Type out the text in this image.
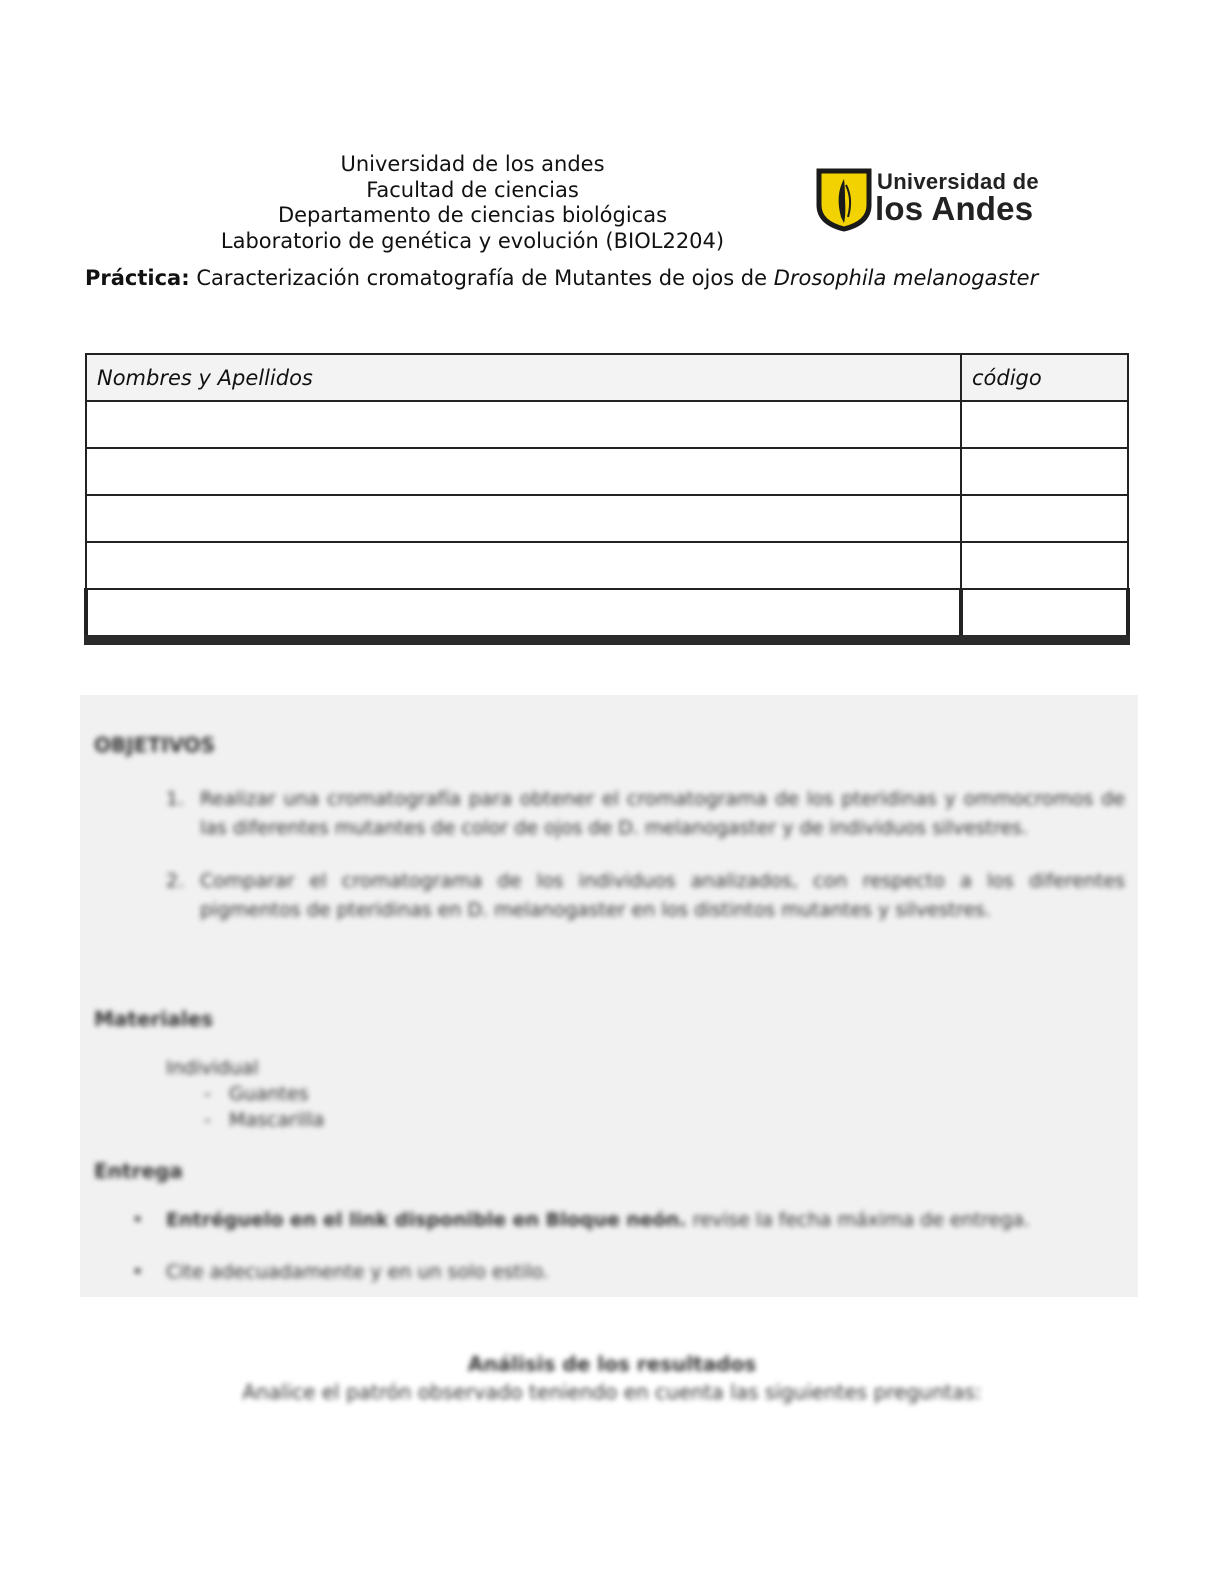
Universidad de los andes
Facultad de ciencias
Departamento de ciencias biológicas
Laboratorio de genética y evolución (BIOL2204)
Universidad de
los Andes
Práctica: Caracterización cromatografía de Mutantes de ojos de Drosophila melanogaster
Nombres y Apellidos	código

OBJETIVOS
1. Realizar una cromatografía para obtener el cromatograma de los pteridinas y ommocromos de las diferentes mutantes de color de ojos de D. melanogaster y de individuos silvestres.
2. Comparar el cromatograma de los individuos analizados, con respecto a los diferentes pigmentos de pteridinas en D. melanogaster en los distintos mutantes y silvestres.
Materiales
Individual
-   Guantes
-   Mascarilla
Entrega
• Entréguelo en el link disponible en Bloque neón. revise la fecha máxima de entrega.
• Cite adecuadamente y en un solo estilo.
Análisis de los resultados
Analice el patrón observado teniendo en cuenta las siguientes preguntas:
